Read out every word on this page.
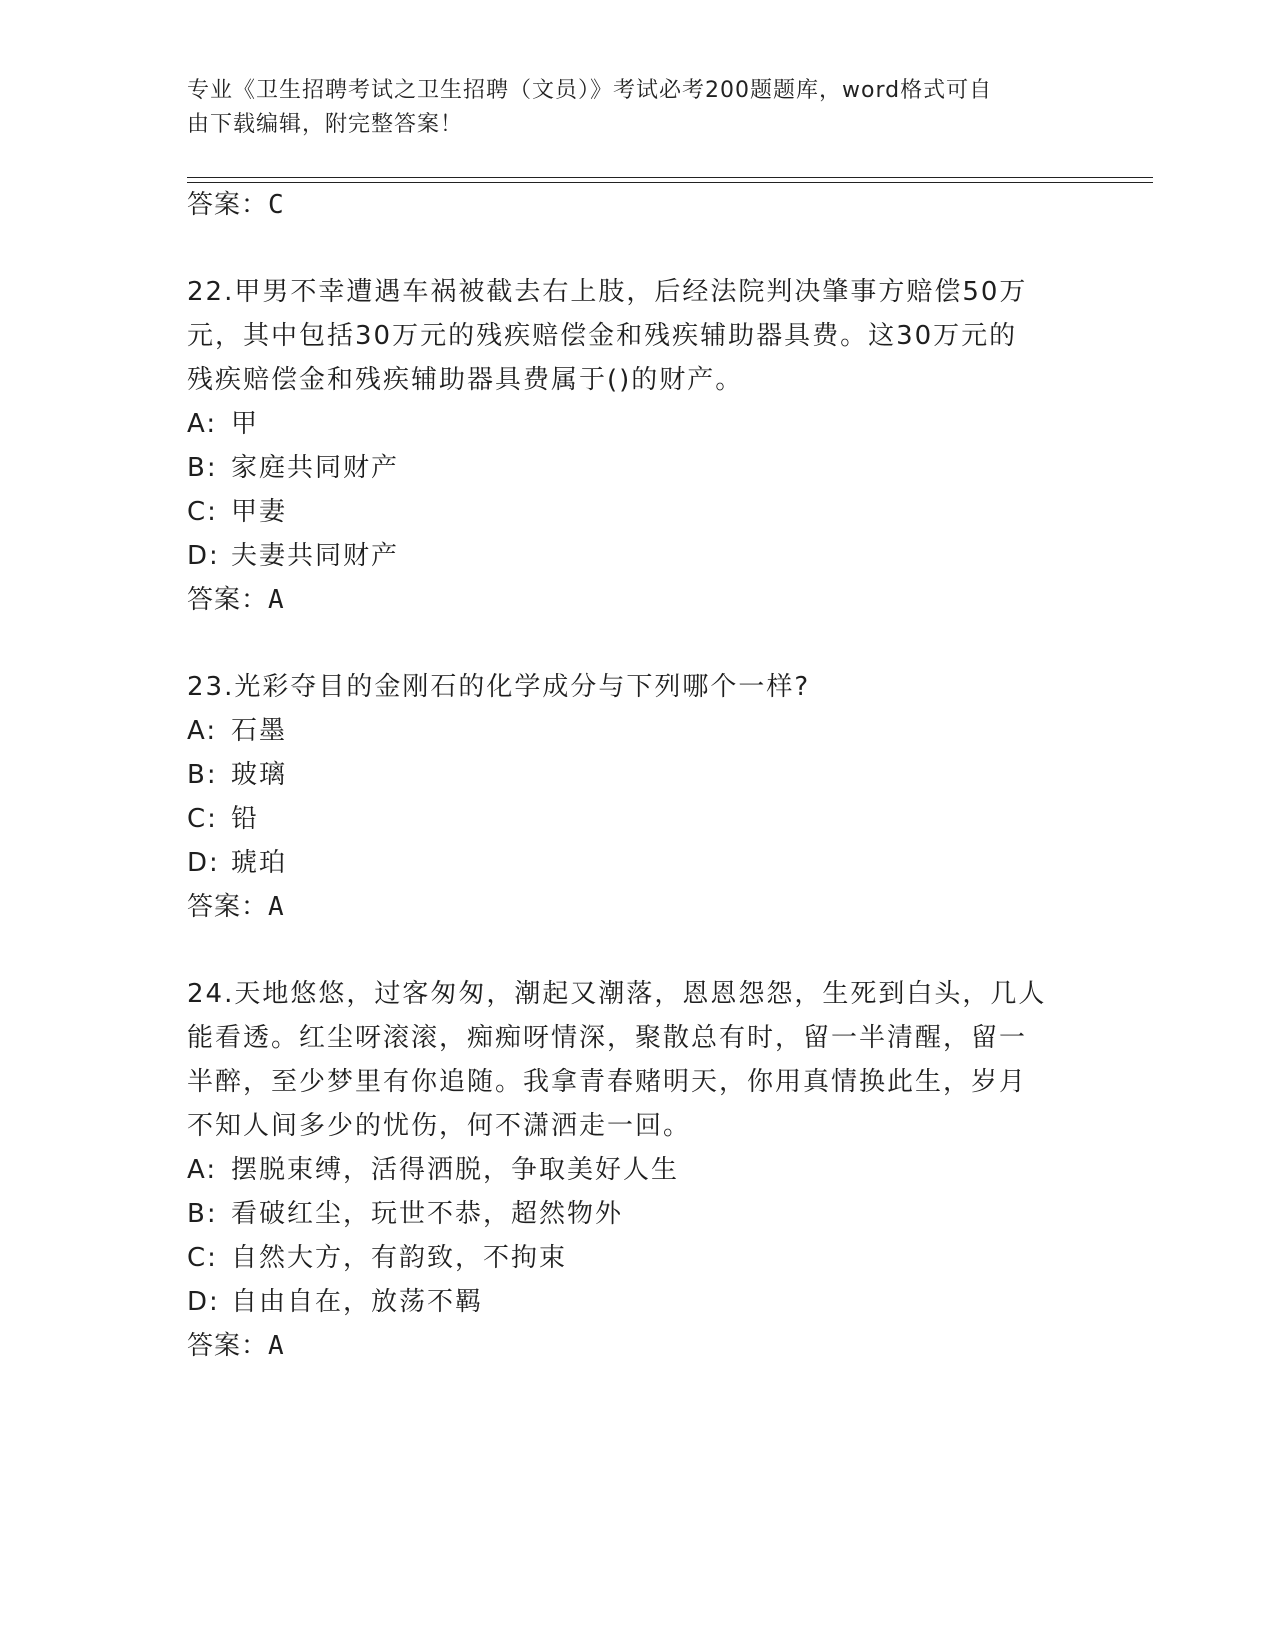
专业《卫生招聘考试之卫生招聘（文员）》考试必考200题题库，word格式可自
由下载编辑，附完整答案！
答案：C
22.甲男不幸遭遇车祸被截去右上肢，后经法院判决肇事方赔偿50万
元，其中包括30万元的残疾赔偿金和残疾辅助器具费。这30万元的
残疾赔偿金和残疾辅助器具费属于()的财产。
A: 甲
B: 家庭共同财产
C: 甲妻
D: 夫妻共同财产
答案：A
23.光彩夺目的金刚石的化学成分与下列哪个一样?
A: 石墨
B: 玻璃
C: 铅
D: 琥珀
答案：A
24.天地悠悠，过客匆匆，潮起又潮落，恩恩怨怨，生死到白头，几人
能看透。红尘呀滚滚，痴痴呀情深，聚散总有时，留一半清醒，留一
半醉，至少梦里有你追随。我拿青春赌明天，你用真情换此生，岁月
不知人间多少的忧伤，何不潇洒走一回。
A: 摆脱束缚，活得洒脱，争取美好人生
B: 看破红尘，玩世不恭，超然物外
C: 自然大方，有韵致，不拘束
D: 自由自在，放荡不羁
答案：A
